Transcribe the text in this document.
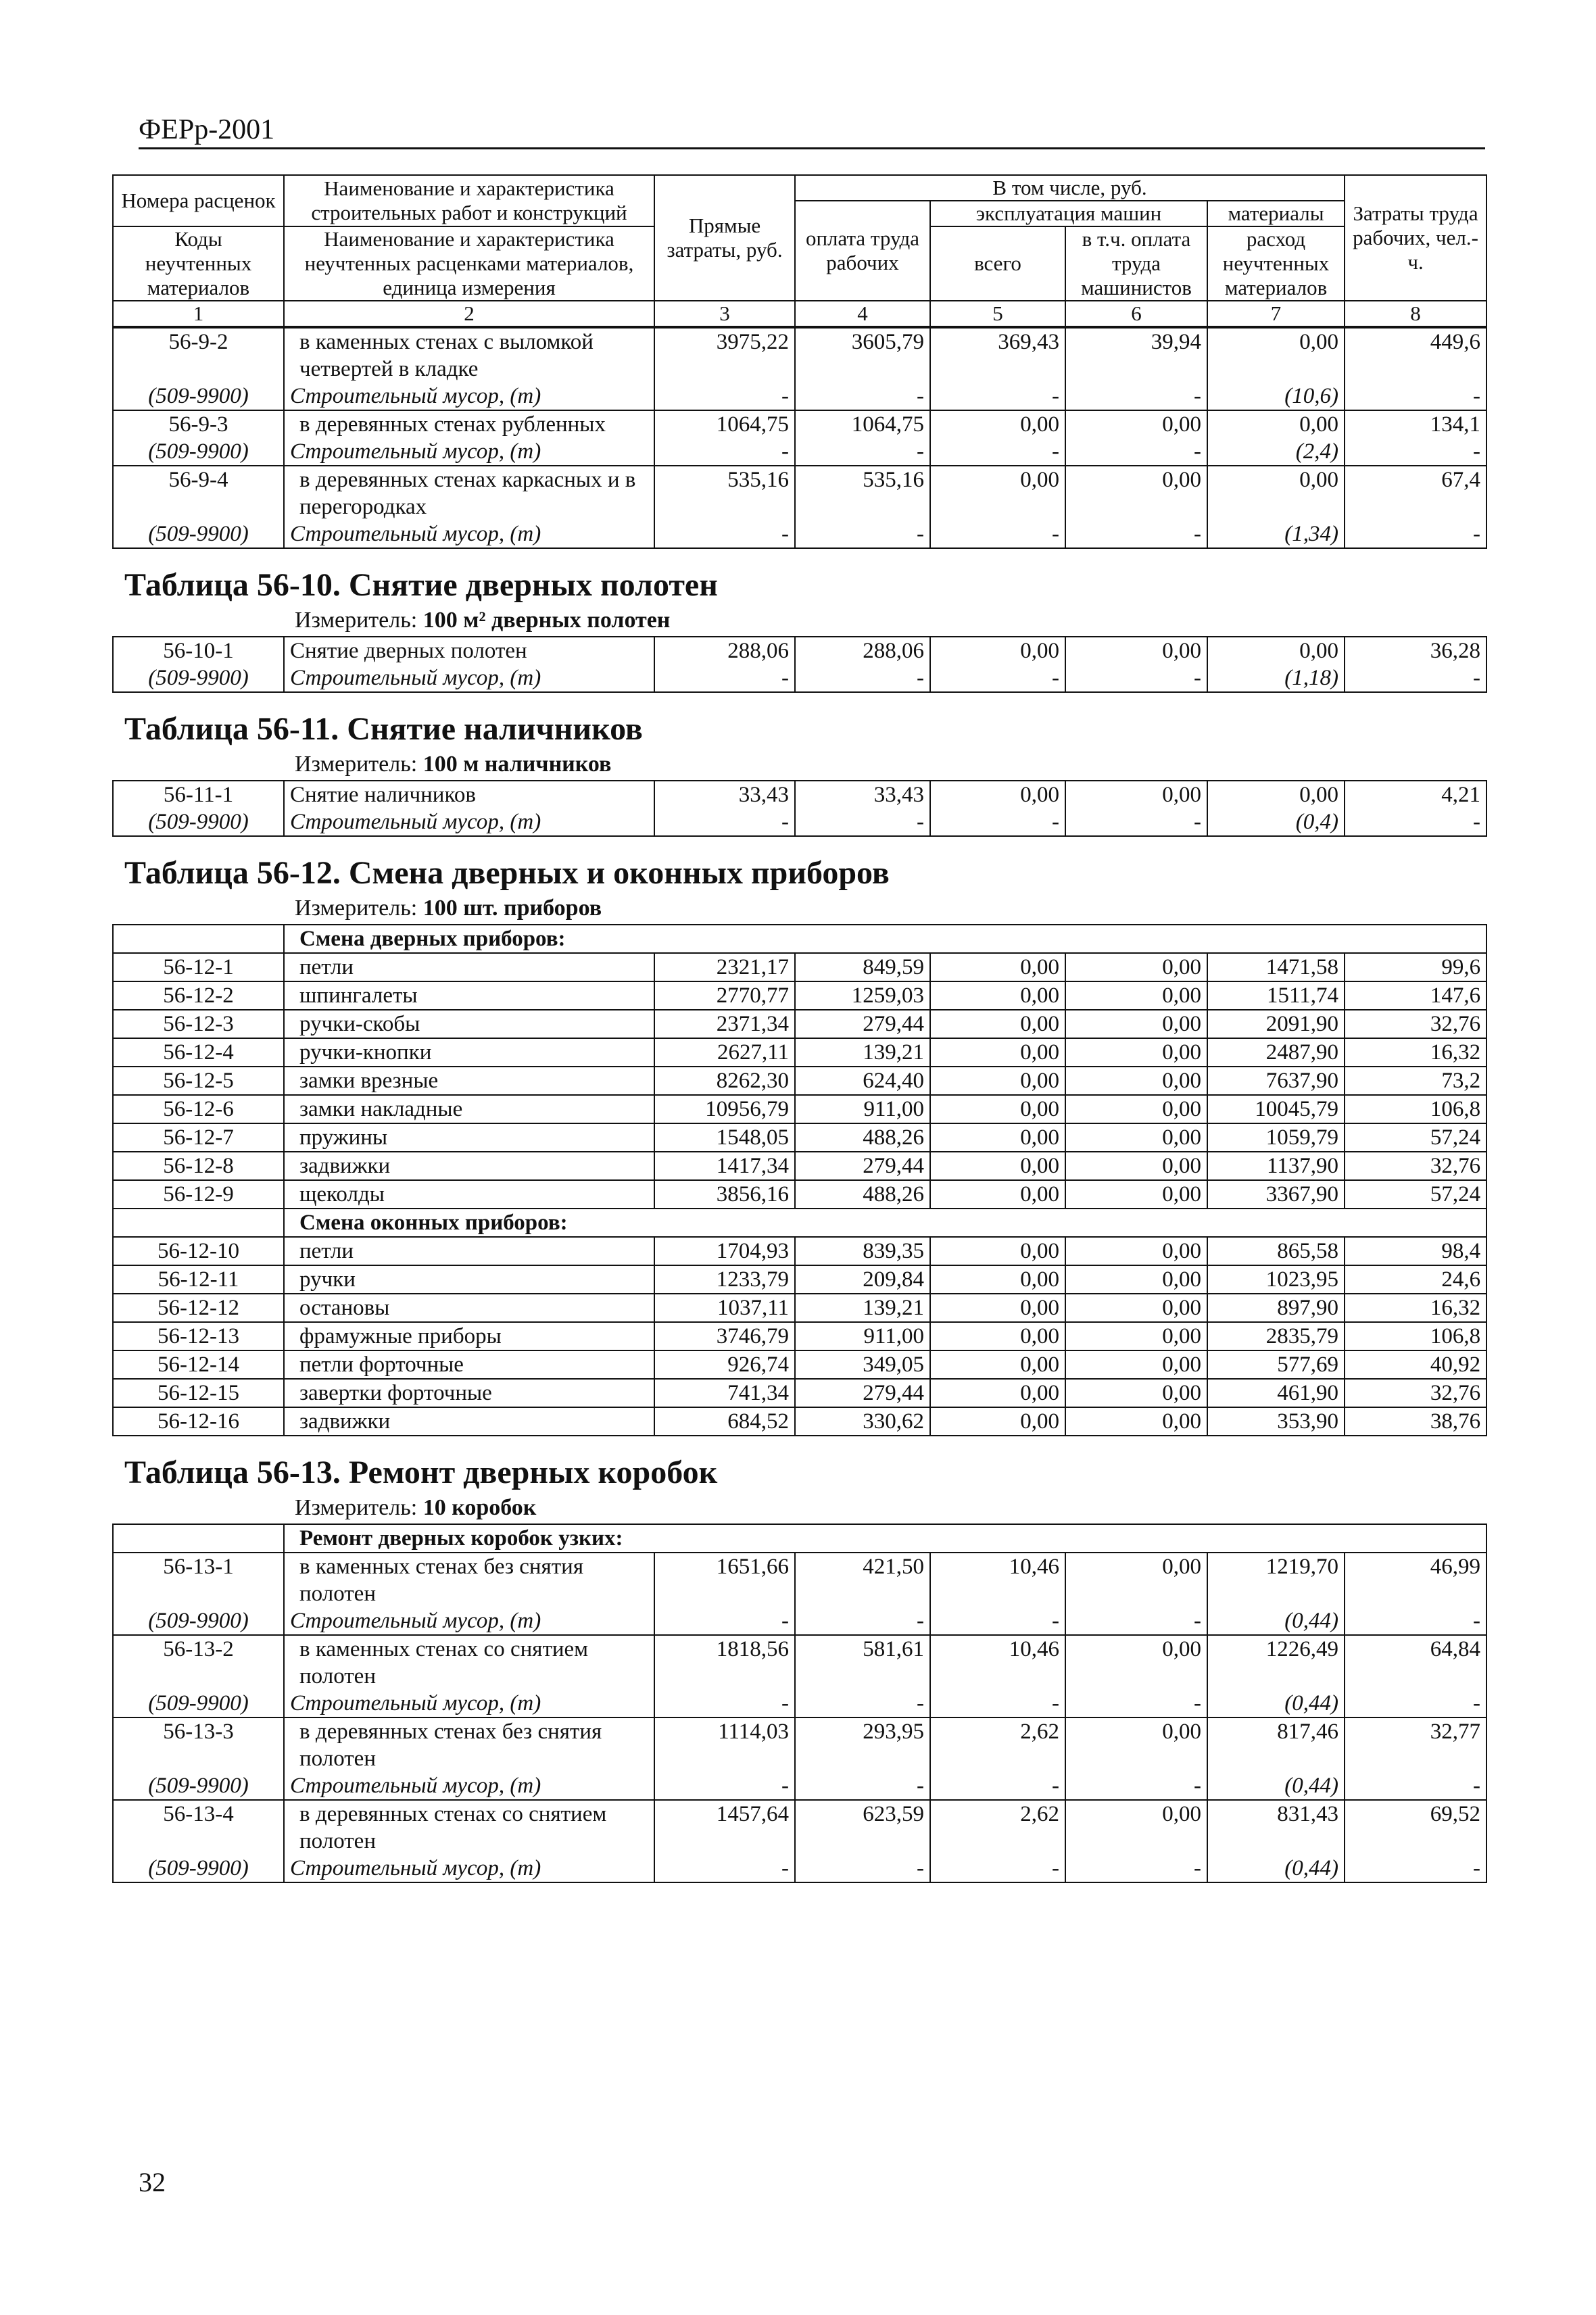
ФЕРр-2001
Номера расценок	Наименование и характеристика строительных работ и конструкций	Прямые затраты, руб.	В том числе, руб.				Затраты труда рабочих, чел.-ч.
			оплата труда рабочих	эксплуатация машин		материалы	
Коды неучтенных материалов	Наименование и характеристика неучтенных расценками материалов, единица измерения			всего	в т.ч. оплата труда машинистов	расход неучтенных материалов	

1	2	3	4	5	6	7	8
56-9-2	в каменных стенах с выломкой четвертей в кладке	3975,22	3605,79	369,43	39,94	0,00	449,6
(509-9900)	Строительный мусор, (т)	-	-	-	-	(10,6)	-
56-9-3	в деревянных стенах рубленных	1064,75	1064,75	0,00	0,00	0,00	134,1
(509-9900)	Строительный мусор, (т)	-	-	-	-	(2,4)	-
56-9-4	в деревянных стенах каркасных и в перегородках	535,16	535,16	0,00	0,00	0,00	67,4
(509-9900)	Строительный мусор, (т)	-	-	-	-	(1,34)	-
Таблица 56-10. Снятие дверных полотен
Измеритель: 100 м² дверных полотен
56-10-1	Снятие дверных полотен	288,06	288,06	0,00	0,00	0,00	36,28
(509-9900)	Строительный мусор, (т)	-	-	-	-	(1,18)	-
Таблица 56-11. Снятие наличников
Измеритель: 100 м наличников
56-11-1	Снятие наличников	33,43	33,43	0,00	0,00	0,00	4,21
(509-9900)	Строительный мусор, (т)	-	-	-	-	(0,4)	-
Таблица 56-12. Смена дверных и оконных приборов
Измеритель: 100 шт. приборов
	Смена дверных приборов:						
56-12-1	петли	2321,17	849,59	0,00	0,00	1471,58	99,6
56-12-2	шпингалеты	2770,77	1259,03	0,00	0,00	1511,74	147,6
56-12-3	ручки-скобы	2371,34	279,44	0,00	0,00	2091,90	32,76
56-12-4	ручки-кнопки	2627,11	139,21	0,00	0,00	2487,90	16,32
56-12-5	замки врезные	8262,30	624,40	0,00	0,00	7637,90	73,2
56-12-6	замки накладные	10956,79	911,00	0,00	0,00	10045,79	106,8
56-12-7	пружины	1548,05	488,26	0,00	0,00	1059,79	57,24
56-12-8	задвижки	1417,34	279,44	0,00	0,00	1137,90	32,76
56-12-9	щеколды	3856,16	488,26	0,00	0,00	3367,90	57,24
	Смена оконных приборов:						
56-12-10	петли	1704,93	839,35	0,00	0,00	865,58	98,4
56-12-11	ручки	1233,79	209,84	0,00	0,00	1023,95	24,6
56-12-12	остановы	1037,11	139,21	0,00	0,00	897,90	16,32
56-12-13	фрамужные приборы	3746,79	911,00	0,00	0,00	2835,79	106,8
56-12-14	петли форточные	926,74	349,05	0,00	0,00	577,69	40,92
56-12-15	завертки форточные	741,34	279,44	0,00	0,00	461,90	32,76
56-12-16	задвижки	684,52	330,62	0,00	0,00	353,90	38,76
Таблица 56-13. Ремонт дверных коробок
Измеритель: 10 коробок
	Ремонт дверных коробок узких:						
56-13-1	в каменных стенах без снятия полотен	1651,66	421,50	10,46	0,00	1219,70	46,99
(509-9900)	Строительный мусор, (т)	-	-	-	-	(0,44)	-
56-13-2	в каменных стенах со снятием полотен	1818,56	581,61	10,46	0,00	1226,49	64,84
(509-9900)	Строительный мусор, (т)	-	-	-	-	(0,44)	-
56-13-3	в деревянных стенах без снятия полотен	1114,03	293,95	2,62	0,00	817,46	32,77
(509-9900)	Строительный мусор, (т)	-	-	-	-	(0,44)	-
56-13-4	в деревянных стенах со снятием полотен	1457,64	623,59	2,62	0,00	831,43	69,52
(509-9900)	Строительный мусор, (т)	-	-	-	-	(0,44)	-
32
